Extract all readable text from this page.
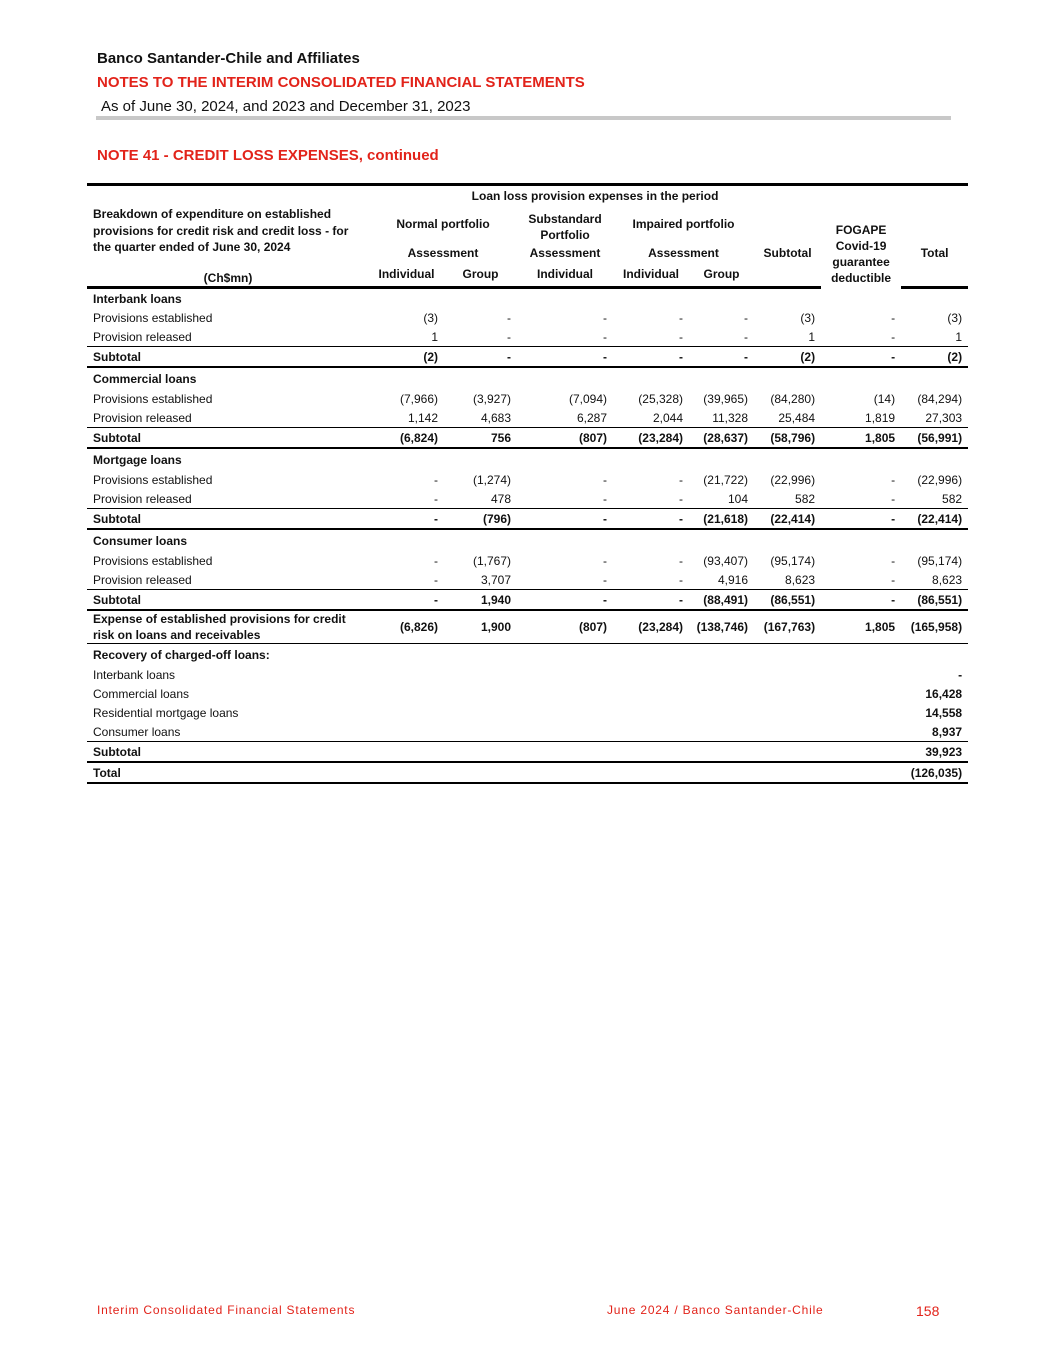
Banco Santander-Chile and Affiliates
NOTES TO THE INTERIM CONSOLIDATED FINANCIAL STATEMENTS
As of June 30, 2024, and 2023 and December 31, 2023
NOTE 41 - CREDIT LOSS EXPENSES, continued
	Loan loss provision expenses in the period							
Breakdown of expenditure on established provisions for credit risk and credit loss - for the quarter ended of June 30, 2024	Normal portfolio		Substandard Portfolio	Impaired portfolio			FOGAPE Covid-19 guarantee deductible	

	Assessment		Assessment	Assessment		Subtotal		Total
(Ch$mn)	Individual	Group	Individual	Individual	Group			
Interbank loans								
Provisions established	(3)	-	-	-	-	(3)	-	(3)
Provision released	1	-	-	-	-	1	-	1
Subtotal	(2)	-	-	-	-	(2)	-	(2)
Commercial loans								
Provisions established	(7,966)	(3,927)	(7,094)	(25,328)	(39,965)	(84,280)	(14)	(84,294)
Provision released	1,142	4,683	6,287	2,044	11,328	25,484	1,819	27,303
Subtotal	(6,824)	756	(807)	(23,284)	(28,637)	(58,796)	1,805	(56,991)
Mortgage loans								
Provisions established	-	(1,274)	-	-	(21,722)	(22,996)	-	(22,996)
Provision released	-	478	-	-	104	582	-	582
Subtotal	-	(796)	-	-	(21,618)	(22,414)	-	(22,414)
Consumer loans								
Provisions established	-	(1,767)	-	-	(93,407)	(95,174)	-	(95,174)
Provision released	-	3,707	-	-	4,916	8,623	-	8,623
Subtotal	-	1,940	-	-	(88,491)	(86,551)	-	(86,551)
Expense of established provisions for credit risk on loans and receivables	(6,826)	1,900	(807)	(23,284)	(138,746)	(167,763)	1,805	(165,958)
Recovery of charged-off loans:								
Interbank loans								-
Commercial loans								16,428
Residential mortgage loans								14,558
Consumer loans								8,937
Subtotal								39,923
Total								(126,035)
Interim Consolidated Financial Statements	June 2024 / Banco Santander-Chile	158
